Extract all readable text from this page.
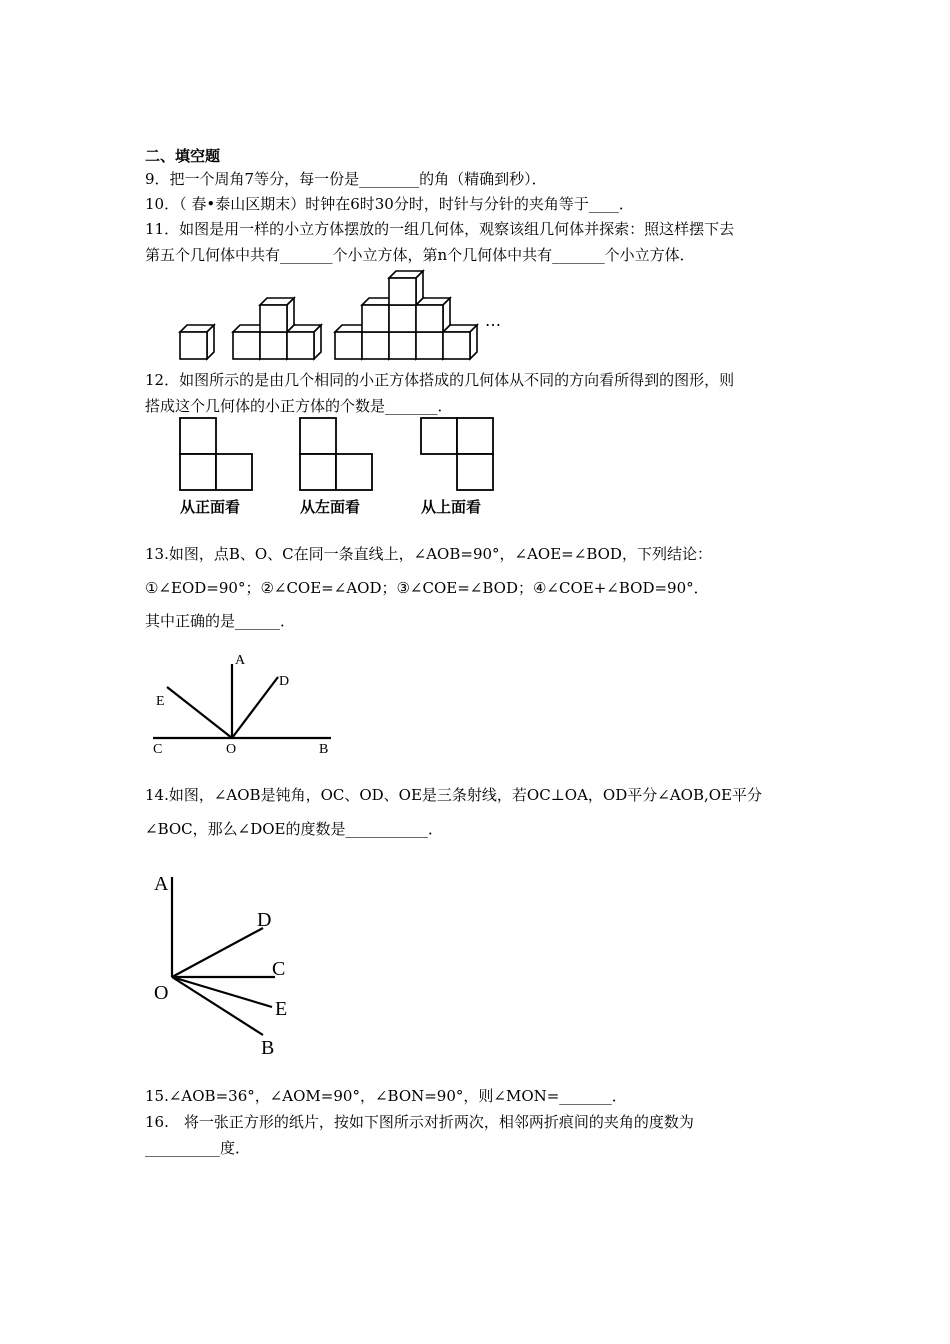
二、填空题
9．把一个周角7等分，每一份是________的角（精确到秒）．
10．（ 春•泰山区期末）时钟在6时30分时，时针与分针的夹角等于____．
11．如图是用一样的小立方体摆放的一组几何体，观察该组几何体并探索：照这样摆下去
第五个几何体中共有_______个小立方体，第n个几何体中共有_______个小立方体．
…
12．如图所示的是由几个相同的小正方体搭成的几何体从不同的方向看所得到的图形，则
搭成这个几何体的小正方体的个数是_______．
从正面看	从左面看	从上面看
13.如图，点B、O、C在同一条直线上，∠AOB=90°，∠AOE=∠BOD，下列结论：
①∠EOD=90°；②∠COE=∠AOD；③∠COE=∠BOD；④∠COE+∠BOD=90°．
其中正确的是______．
A
D
E
C	O	B
14.如图，∠AOB是钝角，OC、OD、OE是三条射线，若OC⊥OA，OD平分∠AOB,OE平分
∠BOC，那么∠DOE的度数是___________．
A
D
C
O
E
B
15.∠AOB=36°，∠AOM=90°，∠BON=90°，则∠MON=_______．
16.　将一张正方形的纸片，按如下图所示对折两次，相邻两折痕间的夹角的度数为
__________度．
